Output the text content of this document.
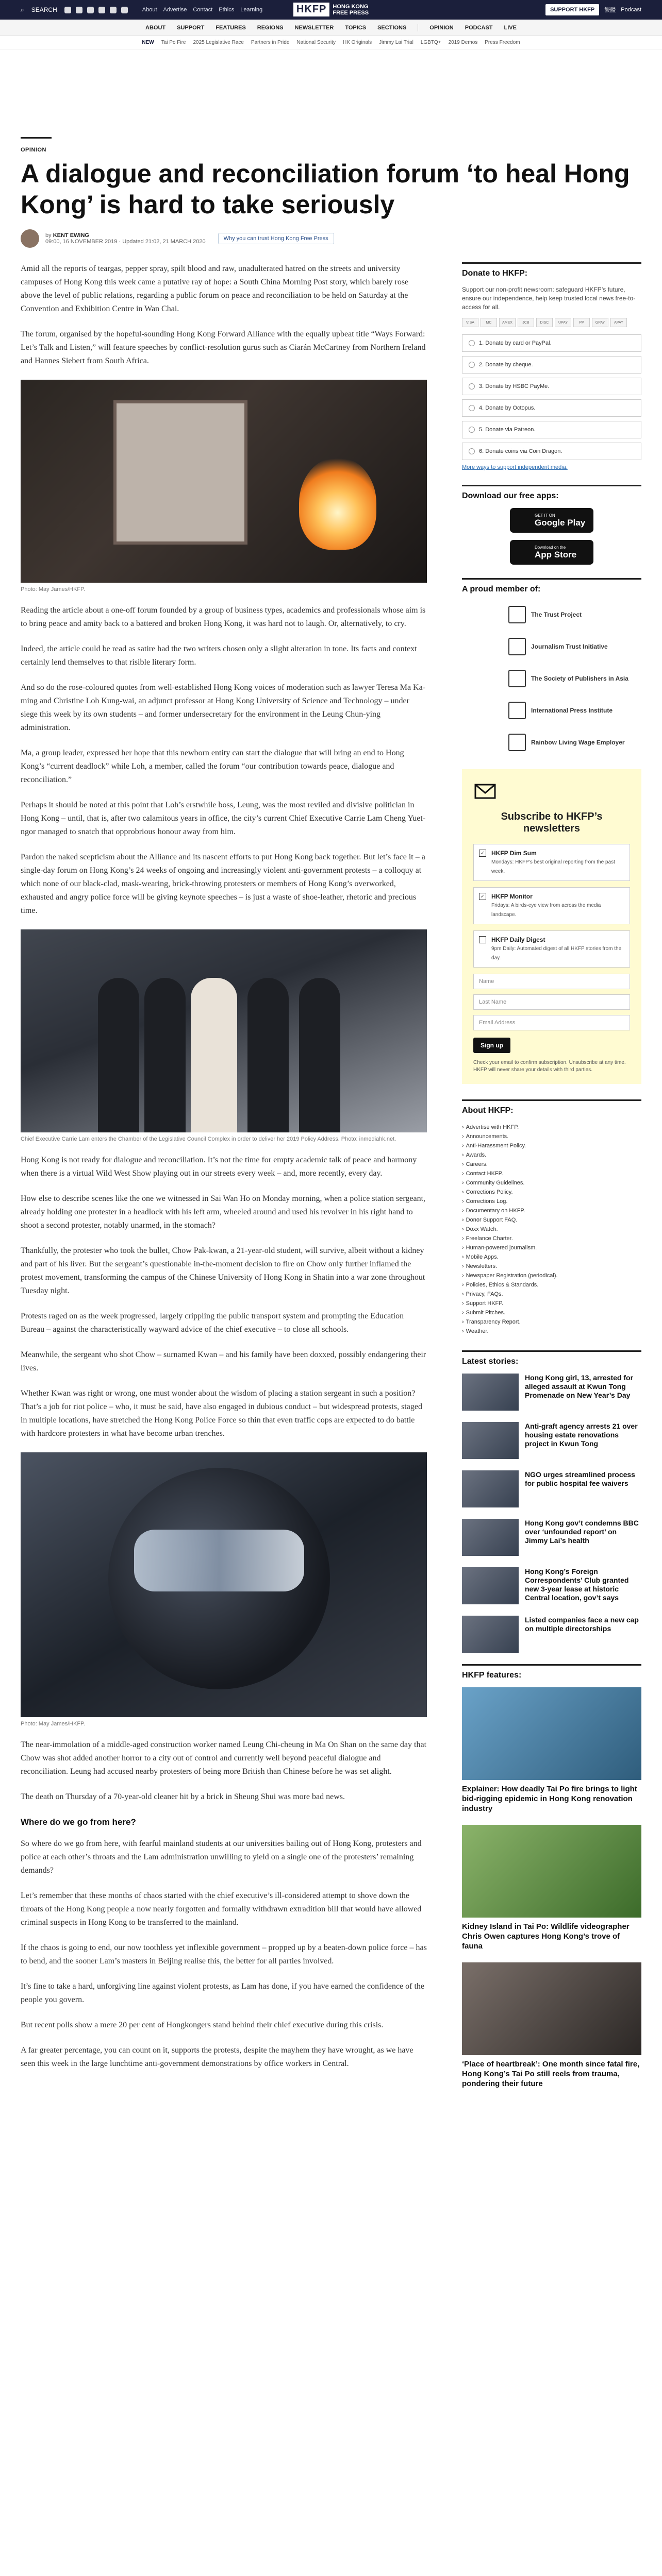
⌕ SEARCH	About Advertise Contact Ethics Learning	HKFP	HONG KONG
FREE PRESS	SUPPORT HKFP	繁體 Podcast
ABOUT SUPPORT FEATURES REGIONS NEWSLETTER TOPICS SECTIONS	OPINION PODCAST LIVE
NEW Tai Po Fire 2025 Legislative Race Partners in Pride National Security HK Originals Jimmy Lai Trial LGBTQ+ 2019 Demos Press Freedom
OPINION
A dialogue and reconciliation forum ‘to heal Hong Kong’ is hard to take seriously
by KENT EWING
09:00, 16 NOVEMBER 2019 · Updated 21:02, 21 MARCH 2020	Why you can trust Hong Kong Free Press

Amid all the reports of teargas, pepper spray, spilt blood and raw, unadulterated hatred on the streets and university campuses of Hong Kong this week came a putative ray of hope: a South China Morning Post story, which barely rose above the level of public relations, regarding a public forum on peace and reconciliation to be held on Saturday at the Convention and Exhibition Centre in Wan Chai.

The forum, organised by the hopeful-sounding Hong Kong Forward Alliance with the equally upbeat title “Ways Forward: Let’s Talk and Listen,” will feature speeches by conflict-resolution gurus such as Ciarán McCartney from Northern Ireland and Hannes Siebert from South Africa.

Photo: May James/HKFP.

Reading the article about a one-off forum founded by a group of business types, academics and professionals whose aim is to bring peace and amity back to a battered and broken Hong Kong, it was hard not to laugh. Or, alternatively, to cry.

Indeed, the article could be read as satire had the two writers chosen only a slight alteration in tone. Its facts and context certainly lend themselves to that risible literary form.

And so do the rose-coloured quotes from well-established Hong Kong voices of moderation such as lawyer Teresa Ma Ka-ming and Christine Loh Kung-wai, an adjunct professor at Hong Kong University of Science and Technology – under siege this week by its own students – and former undersecretary for the environment in the Leung Chun-ying administration.

Ma, a group leader, expressed her hope that this newborn entity can start the dialogue that will bring an end to Hong Kong’s “current deadlock” while Loh, a member, called the forum “our contribution towards peace, dialogue and reconciliation.”

Perhaps it should be noted at this point that Loh’s erstwhile boss, Leung, was the most reviled and divisive politician in Hong Kong – until, that is, after two calamitous years in office, the city’s current Chief Executive Carrie Lam Cheng Yuet-ngor managed to snatch that opprobrious honour away from him.

Pardon the naked scepticism about the Alliance and its nascent efforts to put Hong Kong back together. But let’s face it – a single-day forum on Hong Kong’s 24 weeks of ongoing and increasingly violent anti-government protests – a colloquy at which none of our black-clad, mask-wearing, brick-throwing protesters or members of Hong Kong’s overworked, exhausted and angry police force will be giving keynote speeches – is just a waste of shoe-leather, rhetoric and precious time.

Chief Executive Carrie Lam enters the Chamber of the Legislative Council Complex in order to deliver her 2019 Policy Address. Photo: inmediahk.net.

Hong Kong is not ready for dialogue and reconciliation. It’s not the time for empty academic talk of peace and harmony when there is a virtual Wild West Show playing out in our streets every week – and, more recently, every day.

How else to describe scenes like the one we witnessed in Sai Wan Ho on Monday morning, when a police station sergeant, already holding one protester in a headlock with his left arm, wheeled around and used his revolver in his right hand to shoot a second protester, notably unarmed, in the stomach?

Thankfully, the protester who took the bullet, Chow Pak-kwan, a 21-year-old student, will survive, albeit without a kidney and part of his liver. But the sergeant’s questionable in-the-moment decision to fire on Chow only further inflamed the protest movement, transforming the campus of the Chinese University of Hong Kong in Shatin into a war zone throughout Tuesday night.

Protests raged on as the week progressed, largely crippling the public transport system and prompting the Education Bureau – against the characteristically wayward advice of the chief executive – to close all schools.

Meanwhile, the sergeant who shot Chow – surnamed Kwan – and his family have been doxxed, possibly endangering their lives.

Whether Kwan was right or wrong, one must wonder about the wisdom of placing a station sergeant in such a position? That’s a job for riot police – who, it must be said, have also engaged in dubious conduct – but widespread protests, staged in multiple locations, have stretched the Hong Kong Police Force so thin that even traffic cops are expected to do battle with hardcore protesters in what have become urban trenches.

Photo: May James/HKFP.

The near-immolation of a middle-aged construction worker named Leung Chi-cheung in Ma On Shan on the same day that Chow was shot added another horror to a city out of control and currently well beyond peaceful dialogue and reconciliation. Leung had accused nearby protesters of being more British than Chinese before he was set alight.

The death on Thursday of a 70-year-old cleaner hit by a brick in Sheung Shui was more bad news.

Where do we go from here?

So where do we go from here, with fearful mainland students at our universities bailing out of Hong Kong, protesters and police at each other’s throats and the Lam administration unwilling to yield on a single one of the protesters’ remaining demands?

Let’s remember that these months of chaos started with the chief executive’s ill-considered attempt to shove down the throats of the Hong Kong people a now nearly forgotten and formally withdrawn extradition bill that would have allowed criminal suspects in Hong Kong to be transferred to the mainland.

If the chaos is going to end, our now toothless yet inflexible government – propped up by a beaten-down police force – has to bend, and the sooner Lam’s masters in Beijing realise this, the better for all parties involved.

It’s fine to take a hard, unforgiving line against violent protests, as Lam has done, if you have earned the confidence of the people you govern.

But recent polls show a mere 20 per cent of Hongkongers stand behind their chief executive during this crisis.

A far greater percentage, you can count on it, supports the protests, despite the mayhem they have wrought, as we have seen this week in the large lunchtime anti-government demonstrations by office workers in Central.

Donate to HKFP:

Support our non-profit newsroom: safeguard HKFP’s future, ensure our independence, help keep trusted local news free-to-access for all.

VISA	MC	AMEX	JCB	DISC	UPAY	PP	GPAY	APAY
1. Donate by card or PayPal.
2. Donate by cheque.
3. Donate by HSBC PayMe.
4. Donate by Octopus.
5. Donate via Patreon.
6. Donate coins via Coin Dragon.
More ways to support independent media.
Download our free apps:
GET IT ON
Google Play
Download on the
App Store
A proud member of:
The Trust Project
Journalism Trust Initiative
The Society of Publishers in Asia
International Press Institute
Rainbow Living Wage Employer
Subscribe to HKFP’s newsletters
✓ HKFP Dim Sum
Mondays: HKFP’s best original reporting from the past week.
✓ HKFP Monitor
Fridays: A birds-eye view from across the media landscape.
HKFP Daily Digest
9pm Daily: Automated digest of all HKFP stories from the day.
Name
Last Name
Email Address
Sign up
Check your email to confirm subscription. Unsubscribe at any time. HKFP will never share your details with third parties.
About HKFP:
› Advertise with HKFP.
› Announcements.
› Anti-Harassment Policy.
› Awards.
› Careers.
› Contact HKFP.
› Community Guidelines.
› Corrections Policy.
› Corrections Log.
› Documentary on HKFP.
› Donor Support FAQ.
› Doxx Watch.
› Freelance Charter.
› Human-powered journalism.
› Mobile Apps.
› Newsletters.
› Newspaper Registration (periodical).
› Policies, Ethics & Standards.
› Privacy, FAQs.
› Support HKFP.
› Submit Pitches.
› Transparency Report.
› Weather.
Latest stories:
Hong Kong girl, 13, arrested for alleged assault at Kwun Tong Promenade on New Year’s Day
Anti-graft agency arrests 21 over housing estate renovations project in Kwun Tong
NGO urges streamlined process for public hospital fee waivers
Hong Kong gov’t condemns BBC over ‘unfounded report’ on Jimmy Lai’s health
Hong Kong’s Foreign Correspondents’ Club granted new 3-year lease at historic Central location, gov’t says
Listed companies face a new cap on multiple directorships
HKFP features:
Explainer: How deadly Tai Po fire brings to light bid-rigging epidemic in Hong Kong renovation industry
Kidney Island in Tai Po: Wildlife videographer Chris Owen captures Hong Kong’s trove of fauna
‘Place of heartbreak’: One month since fatal fire, Hong Kong’s Tai Po still reels from trauma, pondering their future
